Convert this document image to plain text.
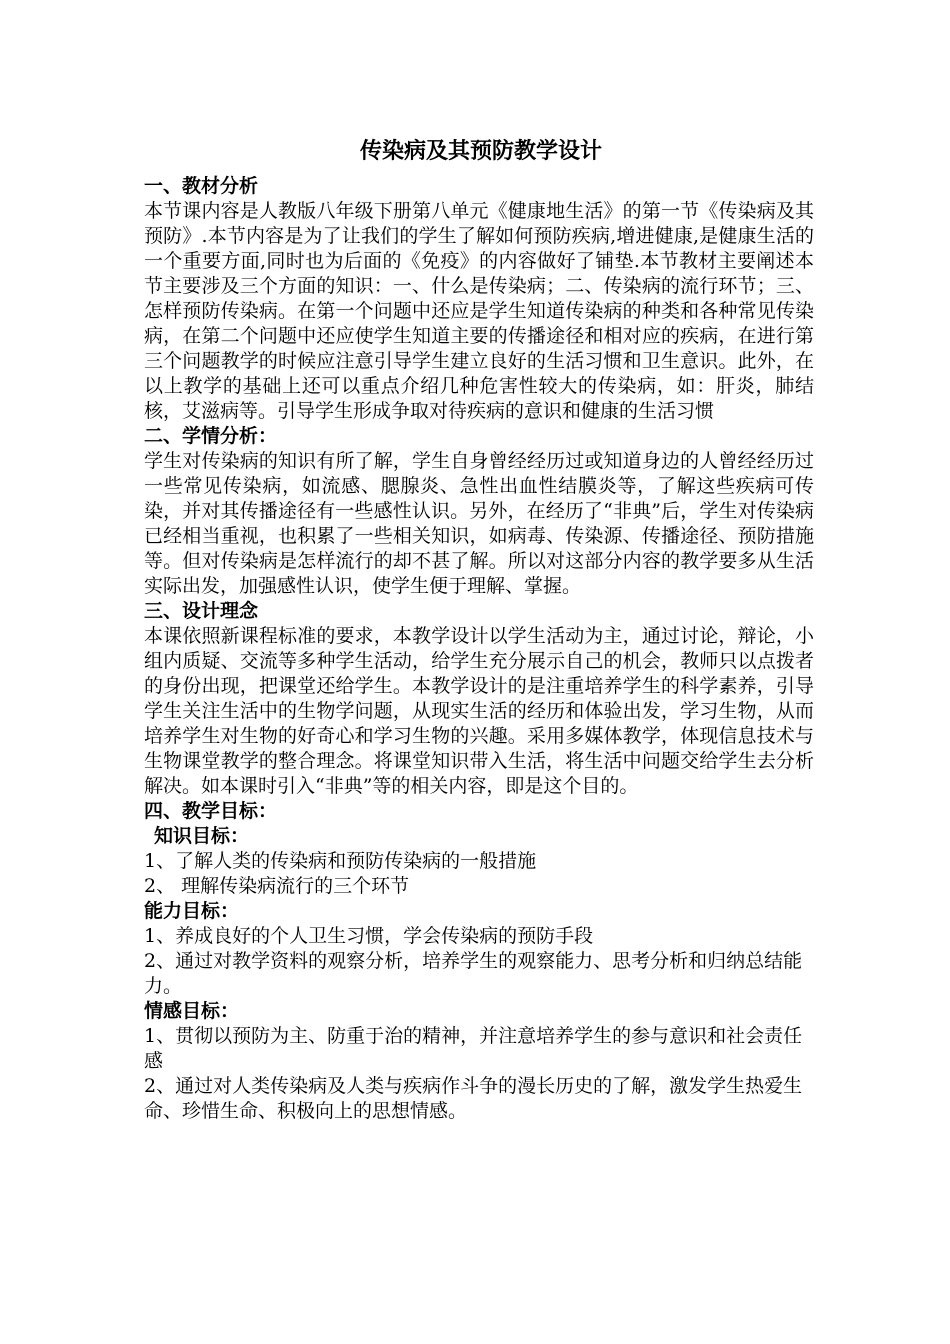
传染病及其预防教学设计
一、教材分析

本节课内容是人教版八年级下册第八单元《健康地生活》的第一节《传染病及其预防》.本节内容是为了让我们的学生了解如何预防疾病,增进健康,是健康生活的一个重要方面,同时也为后面的《免疫》的内容做好了铺垫.本节教材主要阐述本节主要涉及三个方面的知识：一、什么是传染病；二、传染病的流行环节；三、怎样预防传染病。在第一个问题中还应是学生知道传染病的种类和各种常见传染病，在第二个问题中还应使学生知道主要的传播途径和相对应的疾病，在进行第三个问题教学的时候应注意引导学生建立良好的生活习惯和卫生意识。此外，在以上教学的基础上还可以重点介绍几种危害性较大的传染病，如：肝炎，肺结核，艾滋病等。引导学生形成争取对待疾病的意识和健康的生活习惯

二、学情分析：

学生对传染病的知识有所了解，学生自身曾经经历过或知道身边的人曾经经历过一些常见传染病，如流感、腮腺炎、急性出血性结膜炎等，了解这些疾病可传染，并对其传播途径有一些感性认识。另外，在经历了“非典”后，学生对传染病已经相当重视，也积累了一些相关知识，如病毒、传染源、传播途径、预防措施等。但对传染病是怎样流行的却不甚了解。所以对这部分内容的教学要多从生活实际出发，加强感性认识，使学生便于理解、掌握。

三、设计理念

本课依照新课程标准的要求，本教学设计以学生活动为主，通过讨论，辩论，小组内质疑、交流等多种学生活动，给学生充分展示自己的机会，教师只以点拨者的身份出现，把课堂还给学生。本教学设计的是注重培养学生的科学素养，引导学生关注生活中的生物学问题，从现实生活的经历和体验出发，学习生物，从而培养学生对生物的好奇心和学习生物的兴趣。采用多媒体教学，体现信息技术与生物课堂教学的整合理念。将课堂知识带入生活，将生活中问题交给学生去分析解决。如本课时引入“非典”等的相关内容，即是这个目的。

四、教学目标：
知识目标：

1、了解人类的传染病和预防传染病的一般措施

2、 理解传染病流行的三个环节

能力目标：

1、养成良好的个人卫生习惯，学会传染病的预防手段

2、通过对教学资料的观察分析，培养学生的观察能力、思考分析和归纳总结能力。

情感目标：

1、贯彻以预防为主、防重于治的精神，并注意培养学生的参与意识和社会责任感

2、通过对人类传染病及人类与疾病作斗争的漫长历史的了解，激发学生热爱生命、珍惜生命、积极向上的思想情感。
